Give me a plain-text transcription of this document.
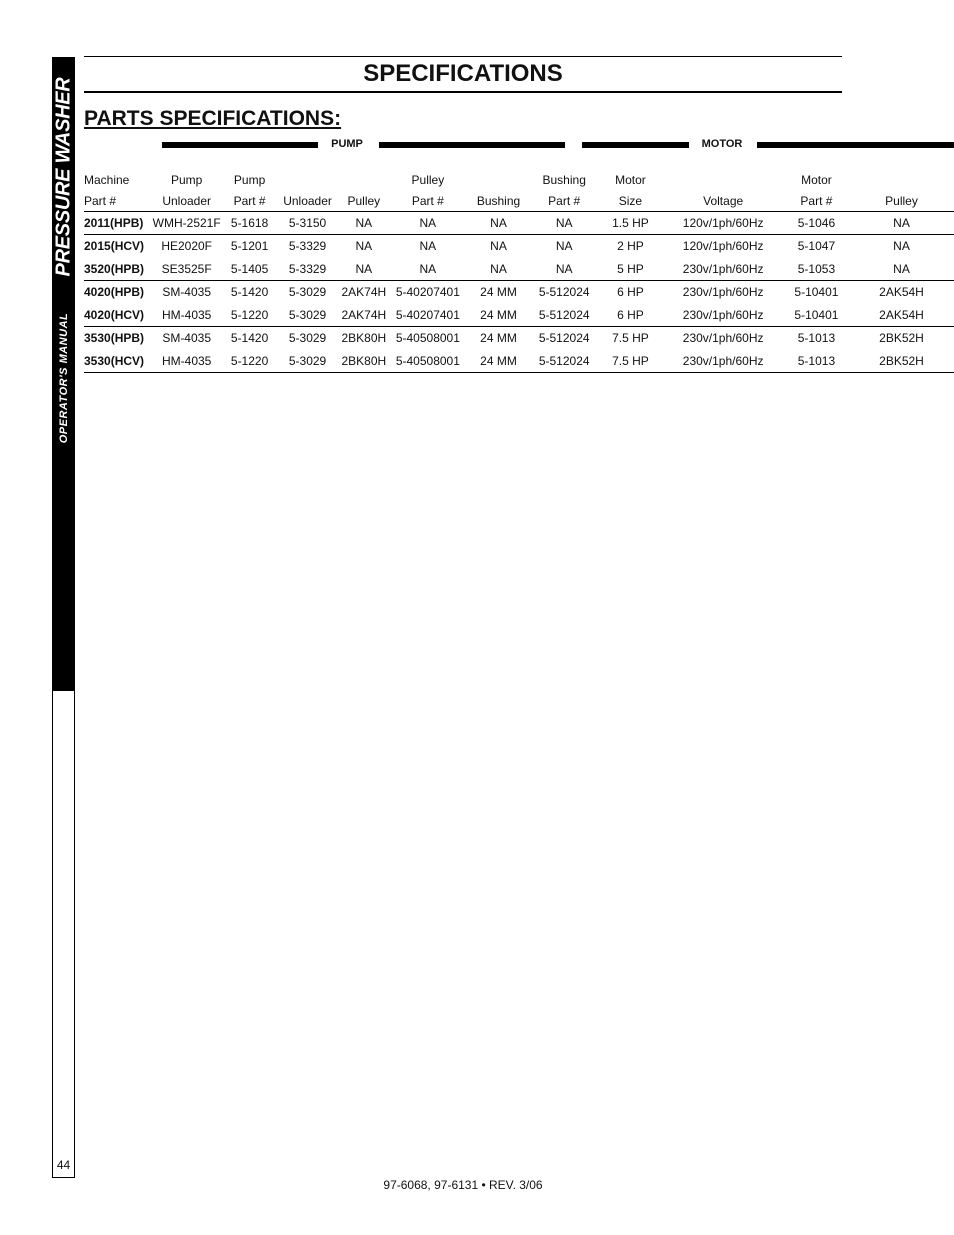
PRESSURE WASHER
OPERATOR'S MANUAL
44
SPECIFICATIONS
PARTS SPECIFICATIONS:
PUMP	MOTOR
Machine	Pump	Pump			Pulley		Bushing	Motor		Motor	
Part #	Unloader	Part #	Unloader	Pulley	Part #	Bushing	Part #	Size	Voltage	Part #	Pulley
2011(HPB)	WMH-2521F	5-1618	5-3150	NA	NA	NA	NA	1.5 HP	120v/1ph/60Hz	5-1046	NA
2015(HCV)	HE2020F	5-1201	5-3329	NA	NA	NA	NA	2 HP	120v/1ph/60Hz	5-1047	NA
3520(HPB)	SE3525F	5-1405	5-3329	NA	NA	NA	NA	5 HP	230v/1ph/60Hz	5-1053	NA
4020(HPB)	SM-4035	5-1420	5-3029	2AK74H	5-40207401	24 MM	5-512024	6 HP	230v/1ph/60Hz	5-10401	2AK54H
4020(HCV)	HM-4035	5-1220	5-3029	2AK74H	5-40207401	24 MM	5-512024	6 HP	230v/1ph/60Hz	5-10401	2AK54H
3530(HPB)	SM-4035	5-1420	5-3029	2BK80H	5-40508001	24 MM	5-512024	7.5 HP	230v/1ph/60Hz	5-1013	2BK52H
3530(HCV)	HM-4035	5-1220	5-3029	2BK80H	5-40508001	24 MM	5-512024	7.5 HP	230v/1ph/60Hz	5-1013	2BK52H
97-6068, 97-6131 • REV. 3/06
